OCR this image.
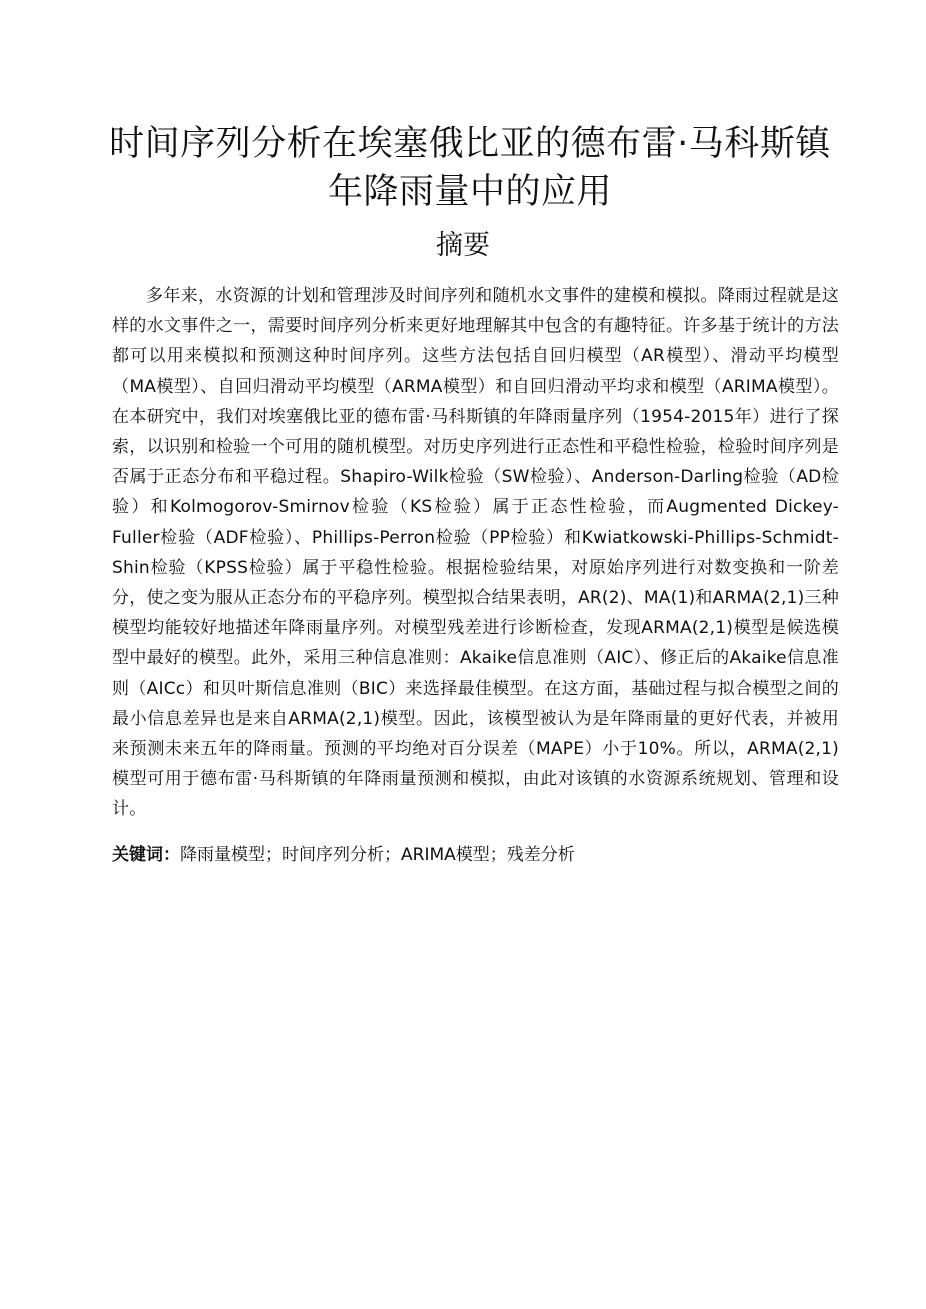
时间序列分析在埃塞俄比亚的德布雷·马科斯镇
年降雨量中的应用
摘要

多年来，水资源的计划和管理涉及时间序列和随机水文事件的建模和模拟。降雨过程就是这样的水文事件之一，需要时间序列分析来更好地理解其中包含的有趣特征。许多基于统计的方法都可以用来模拟和预测这种时间序列。这些方法包括自回归模型（AR模型）、滑动平均模型（MA模型）、自回归滑动平均模型（ARMA模型）和自回归滑动平均求和模型（ARIMA模型）。在本研究中，我们对埃塞俄比亚的德布雷·马科斯镇的年降雨量序列（1954-2015年）进行了探索，以识别和检验一个可用的随机模型。对历史序列进行正态性和平稳性检验，检验时间序列是否属于正态分布和平稳过程。Shapiro-Wilk检验（SW检验）、Anderson-Darling检验（AD检验）和Kolmogorov-Smirnov检验（KS检验）属于正态性检验，而Augmented Dickey-Fuller检验（ADF检验）、Phillips-Perron检验（PP检验）和Kwiatkowski-Phillips-Schmidt- Shin检验（KPSS检验）属于平稳性检验。根据检验结果，对原始序列进行对数变换和一阶差分，使之变为服从正态分布的平稳序列。模型拟合结果表明，AR(2)、MA(1)和ARMA(2,1)三种模型均能较好地描述年降雨量序列。对模型残差进行诊断检查，发现ARMA(2,1)模型是候选模型中最好的模型。此外，采用三种信息准则：Akaike信息准则（AIC）、修正后的Akaike信息准则（AICc）和贝叶斯信息准则（BIC）来选择最佳模型。在这方面，基础过程与拟合模型之间的最小信息差异也是来自ARMA(2,1)模型。因此，该模型被认为是年降雨量的更好代表，并被用来预测未来五年的降雨量。预测的平均绝对百分误差（MAPE）小于10%。所以，ARMA(2,1)模型可用于德布雷·马科斯镇的年降雨量预测和模拟，由此对该镇的水资源系统规划、管理和设计。

关键词：降雨量模型；时间序列分析；ARIMA模型；残差分析
